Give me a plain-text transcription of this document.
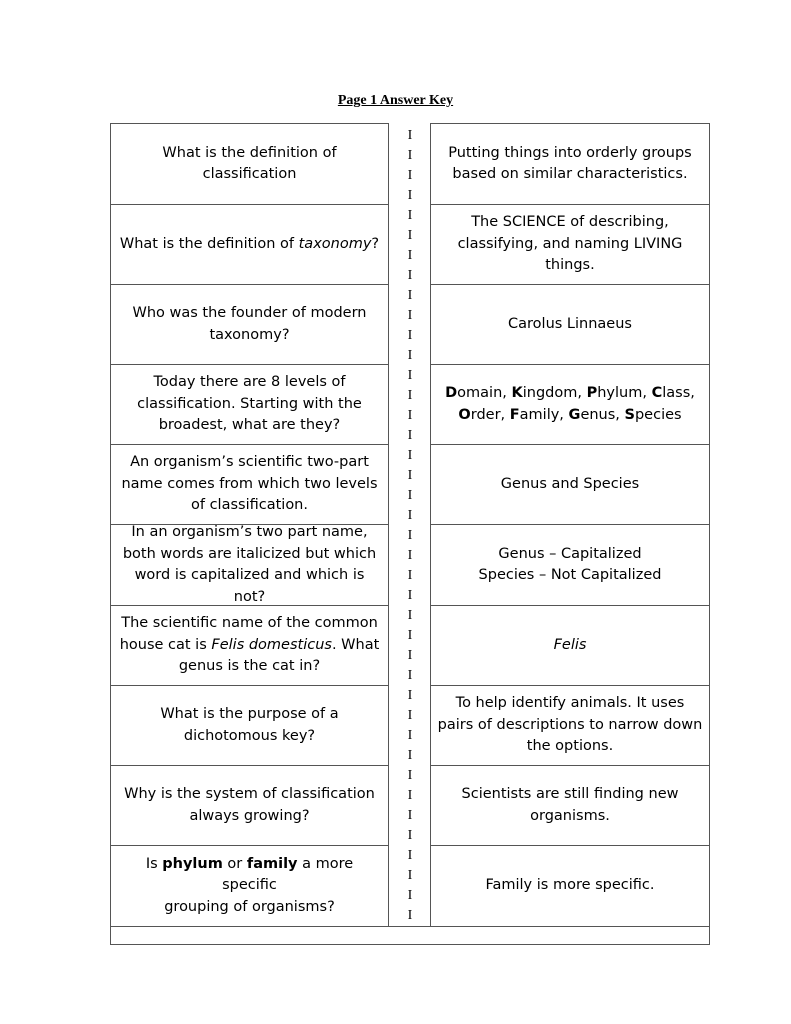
Page 1 Answer Key
What is the definition of
classification
Putting things into orderly groups
based on similar characteristics.
What is the definition of taxonomy?
The SCIENCE of describing,
classifying, and naming LIVING
things.
Who was the founder of modern
taxonomy?
Carolus Linnaeus
Today there are 8 levels of
classification. Starting with the
broadest, what are they?
Domain, Kingdom, Phylum, Class,
Order, Family, Genus, Species
An organism’s scientific two-part
name comes from which two levels
of classification.
Genus and Species
In an organism’s two part name,
both words are italicized but which
word is capitalized and which is not?
Genus – Capitalized
Species – Not Capitalized
The scientific name of the common
house cat is Felis domesticus. What
genus is the cat in?
Felis
What is the purpose of a
dichotomous key?
To help identify animals. It uses
pairs of descriptions to narrow down
the options.
Why is the system of classification
always growing?
Scientists are still finding new
organisms.
Is phylum or family a more specific
grouping of organisms?
Family is more specific.
I
I
I
I
I
I
I
I
I
I
I
I
I
I
I
I
I
I
I
I
I
I
I
I
I
I
I
I
I
I
I
I
I
I
I
I
I
I
I
I
